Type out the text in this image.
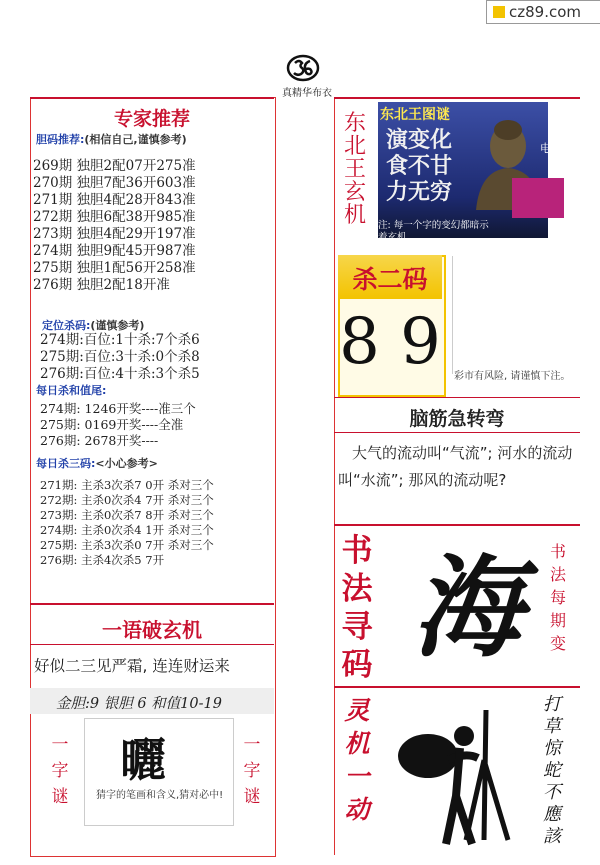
cz89.com
真精华布衣
专家推荐
胆码推荐:(相信自己,谨慎参考)
269期 独胆2配07开275准
270期 独胆7配36开603准
271期 独胆4配28开843准
272期 独胆6配38开985准
273期 独胆4配29开197准
274期 独胆9配45开987准
275期 独胆1配56开258准
276期 独胆2配18开准
定位杀码:(谨慎参考)
274期:百位:1十杀:7个杀6
275期:百位:3十杀:0个杀8
276期:百位:4十杀:3个杀5
每日杀和值尾:
274期: 1246开奖----准三个
275期: 0169开奖----全准
276期: 2678开奖----
每日杀三码:<小心参考>
271期: 主杀3次杀7 0开 杀对三个
272期: 主杀0次杀4 7开 杀对三个
273期: 主杀0次杀7 8开 杀对三个
274期: 主杀0次杀4 1开 杀对三个
275期: 主杀3次杀0 7开 杀对三个
276期: 主杀4次杀5 7开
一语破玄机
好似二三见严霜, 连连财运来
金胆:9 银胆 6 和值10-19
一字谜
曬
猜字的笔画和含义,猜对必中!
一字谜
东北王玄机
东北王图谜
演变化
食不甘
力无穷
电话
注: 每一个字的变幻都暗示着玄机
杀二码
8 9 彩市有风险, 请谨慎下注。
脑筋急转弯
大气的流动叫“气流”; 河水的流动叫“水流”; 那风的流动呢?
书法寻码 海	书法每期变
灵机一动
打草惊蛇不應該
